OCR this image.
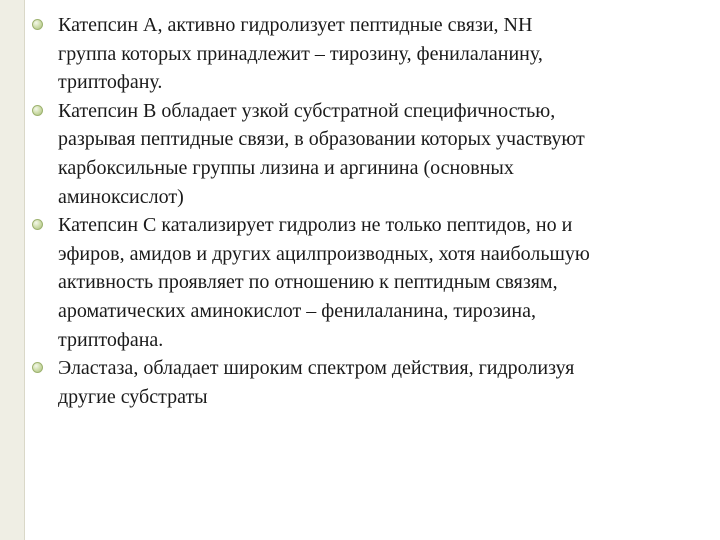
Катепсин А, активно гидролизует пептидные связи, NH
группа которых принадлежит – тирозину, фенилаланину,
триптофану.
Катепсин В обладает узкой субстратной специфичностью,
разрывая пептидные связи, в образовании которых участвуют
карбоксильные группы лизина и аргинина (основных
аминоксислот)
Катепсин С катализирует гидролиз не только пептидов, но и
эфиров, амидов и других ацилпроизводных, хотя наибольшую
активность проявляет по отношению к пептидным связям,
ароматических аминокислот – фенилаланина, тирозина,
триптофана.
Эластаза, обладает широким спектром действия, гидролизуя
другие субстраты
